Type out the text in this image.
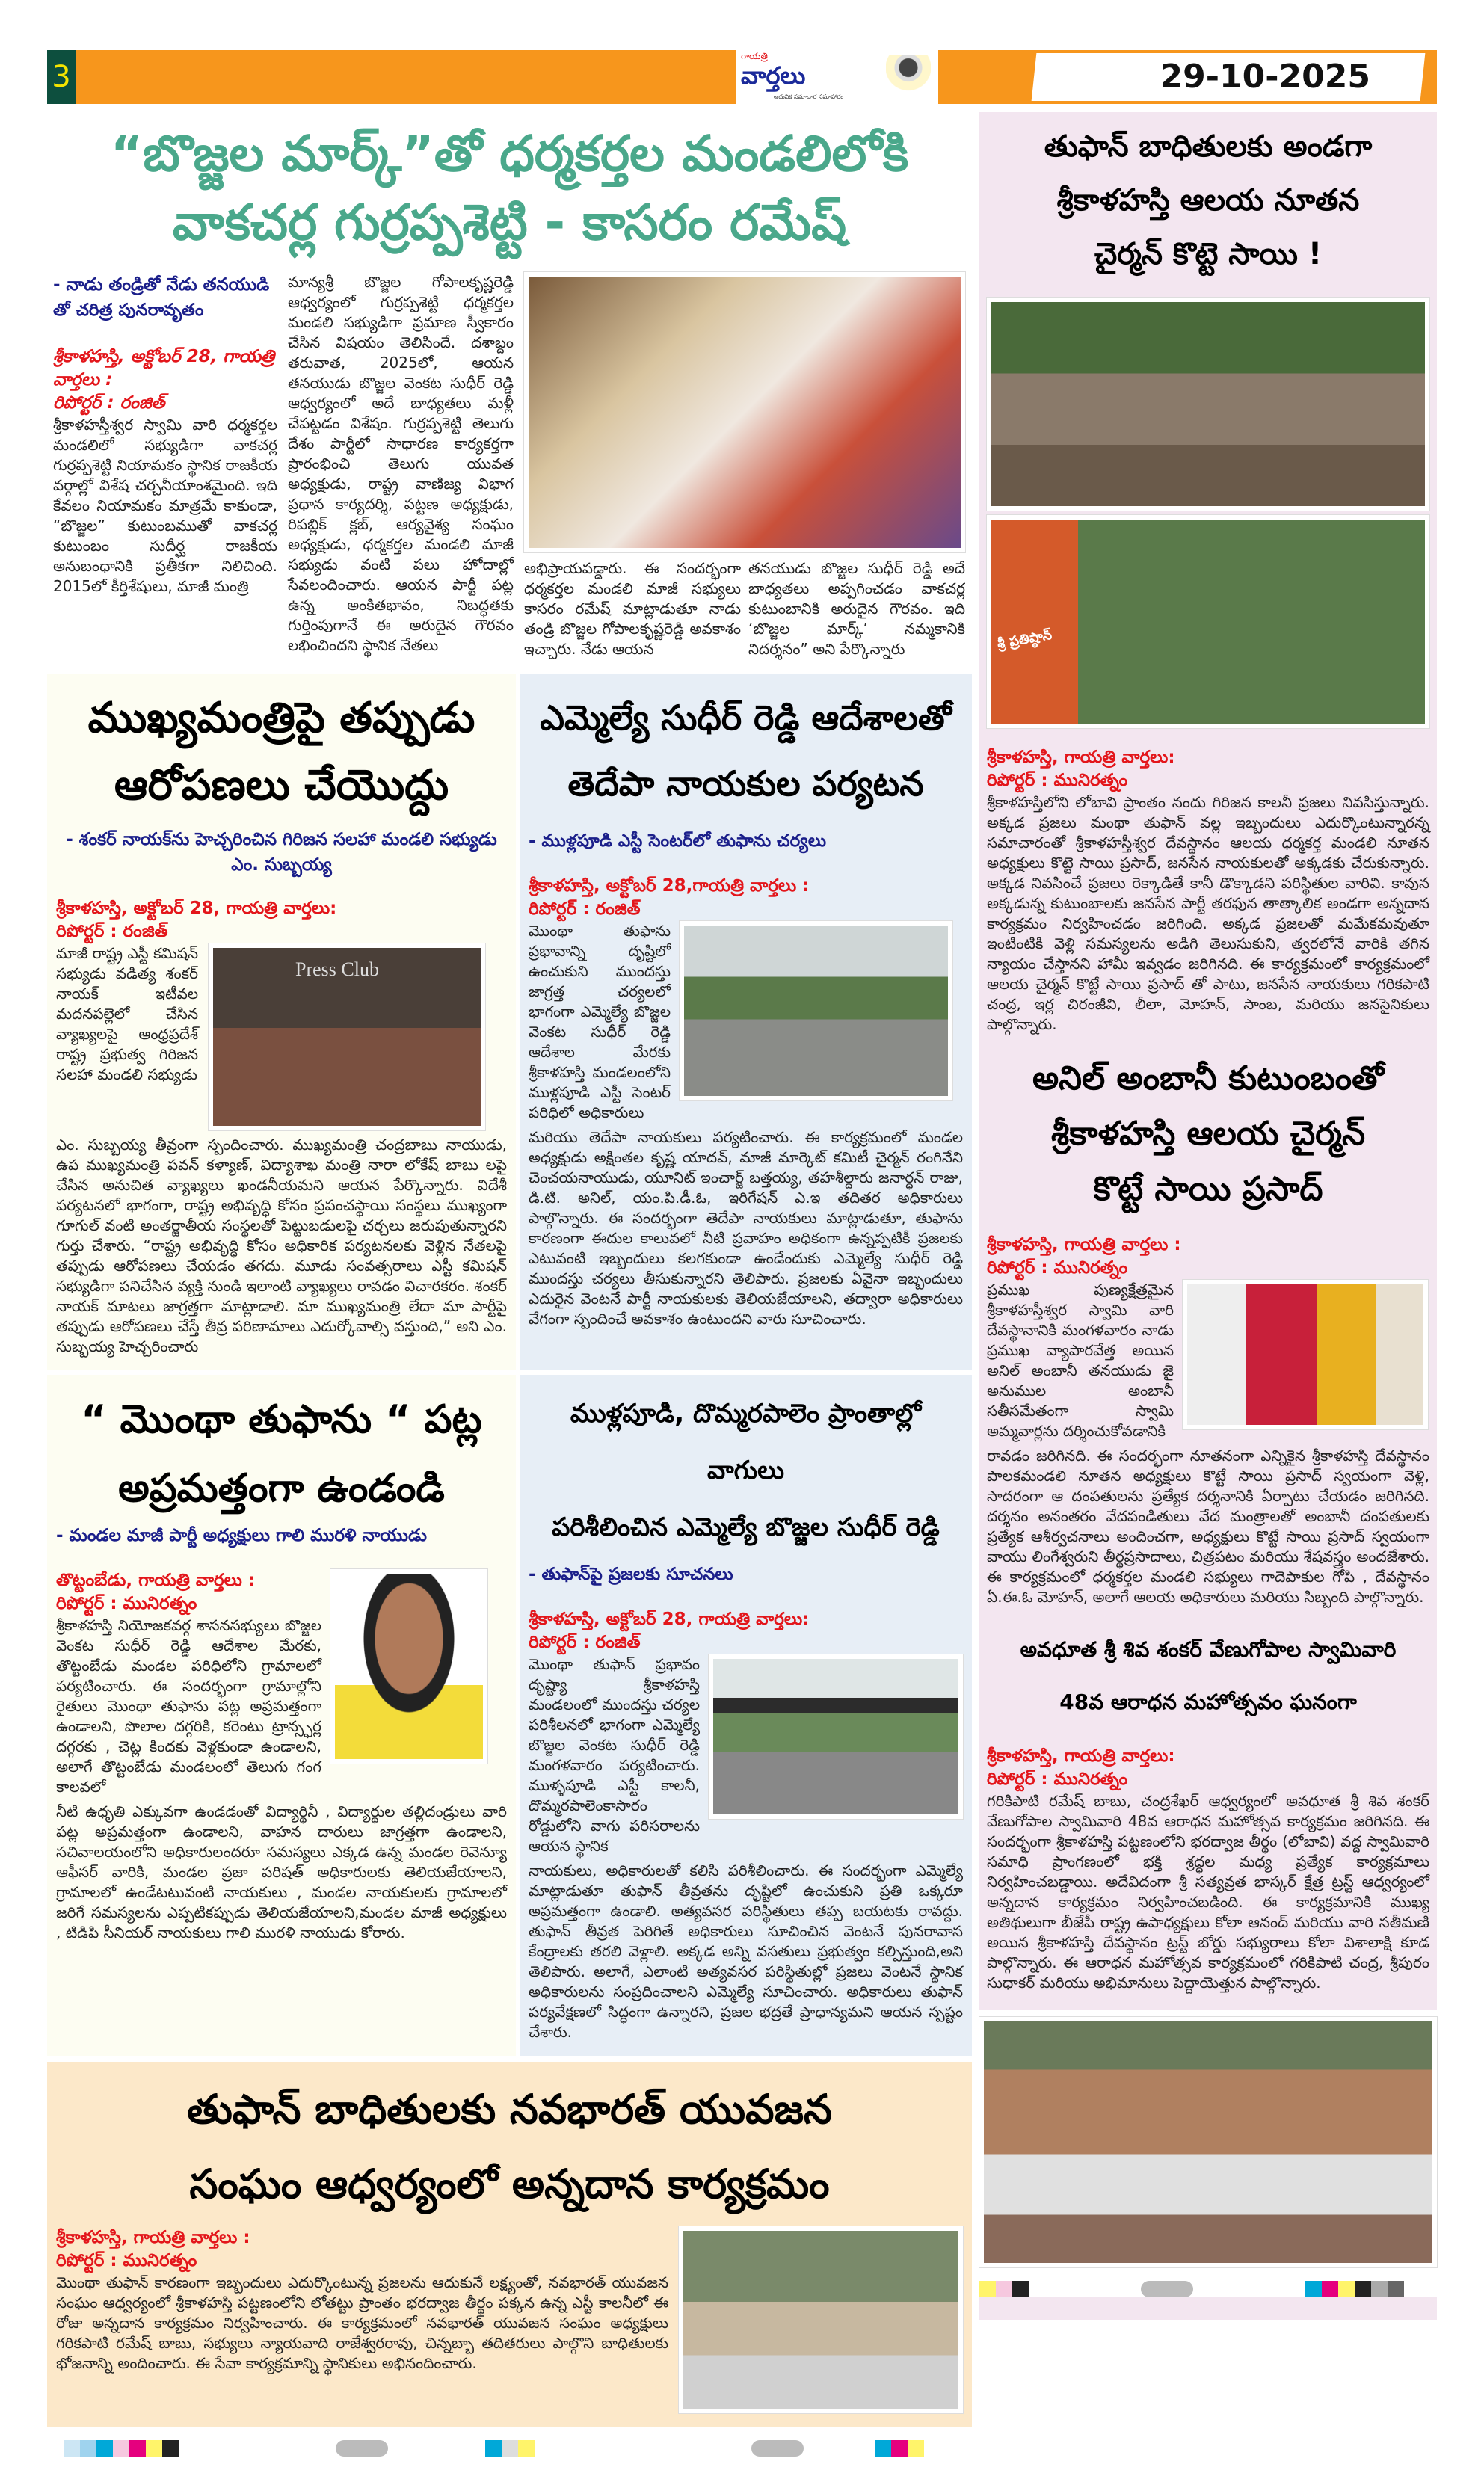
3
గాయత్రి
వార్తలు
ఆధునిక సమాచార సమాహారం
29-10-2025
“బొజ్జల మార్క్”తో ధర్మకర్తల మండలిలోకి
వాకచర్ల గుర్రప్పశెట్టి - కాసరం రమేష్
- నాడు తండ్రితో నేడు తనయుడి తో చరిత్ర పునరావృతం
శ్రీకాళహస్తి, అక్టోబర్ 28, గాయత్రి వార్తలు :
రిపోర్టర్ : రంజిత్

శ్రీకాళహస్తీశ్వర స్వామి వారి ధర్మకర్తల మండలిలో సభ్యుడిగా వాకచర్ల గుర్రప్పశెట్టి నియామకం స్థానిక రాజకీయ వర్గాల్లో విశేష చర్చనీయాంశమైంది. ఇది కేవలం నియామకం మాత్రమే కాకుండా, “బొజ్జల” కుటుంబముతో వాకచర్ల కుటుంబం సుదీర్ఘ రాజకీయ అనుబంధానికి ప్రతీకగా నిలిచింది. 2015లో కీర్తిశేషులు, మాజీ మంత్రి

మాన్యశ్రీ బొజ్జల గోపాలకృష్ణరెడ్డి ఆధ్వర్యంలో గుర్రప్పశెట్టి ధర్మకర్తల మండలి సభ్యుడిగా ప్రమాణ స్వీకారం చేసిన విషయం తెలిసిందే. దశాబ్దం తరువాత, 2025లో, ఆయన తనయుడు బొజ్జల వెంకట సుధీర్ రెడ్డి ఆధ్వర్యంలో అదే బాధ్యతలు మళ్లీ చేపట్టడం విశేషం. గుర్రప్పశెట్టి తెలుగు దేశం పార్టీలో సాధారణ కార్యకర్తగా ప్రారంభించి తెలుగు యువత అధ్యక్షుడు, రాష్ట్ర వాణిజ్య విభాగ ప్రధాన కార్యదర్శి, పట్టణ అధ్యక్షుడు, రిపబ్లిక్ క్లబ్, ఆర్యవైశ్య సంఘం అధ్యక్షుడు, ధర్మకర్తల మండలి మాజీ సభ్యుడు వంటి పలు హోదాల్లో సేవలందించారు. ఆయన పార్టీ పట్ల ఉన్న అంకితభావం, నిబద్ధతకు గుర్తింపుగానే ఈ అరుదైన గౌరవం లభించిందని స్థానిక నేతలు

అభిప్రాయపడ్డారు. ఈ సందర్భంగా ధర్మకర్తల మండలి మాజీ సభ్యులు కాసరం రమేష్ మాట్లాడుతూ నాడు తండ్రి బొజ్జల గోపాలకృష్ణరెడ్డి అవకాశం ఇచ్చారు. నేడు ఆయన

తనయుడు బొజ్జల సుధీర్ రెడ్డి అదే బాధ్యతలు అప్పగించడం వాకచర్ల కుటుంబానికి అరుదైన గౌరవం. ఇది ‘బొజ్జల మార్క్’ నమ్మకానికి నిదర్శనం” అని పేర్కొన్నారు

ముఖ్యమంత్రిపై తప్పుడు
ఆరోపణలు చేయొద్దు
- శంకర్ నాయక్‌ను హెచ్చరించిన గిరిజన సలహా మండలి సభ్యుడు ఎం. సుబ్బయ్య
శ్రీకాళహస్తి, అక్టోబర్ 28, గాయత్రి వార్తలు:
రిపోర్టర్ : రంజిత్

మాజీ రాష్ట్ర ఎస్టీ కమిషన్ సభ్యుడు వడిత్య శంకర్ నాయక్ ఇటీవల మదనపల్లెలో చేసిన వ్యాఖ్యలపై ఆంధ్రప్రదేశ్ రాష్ట్ర ప్రభుత్వ గిరిజన సలహా మండలి సభ్యుడు

Press Club

ఎం. సుబ్బయ్య తీవ్రంగా స్పందించారు. ముఖ్యమంత్రి చంద్రబాబు నాయుడు, ఉప ముఖ్యమంత్రి పవన్ కళ్యాణ్, విద్యాశాఖ మంత్రి నారా లోకేష్ బాబు లపై చేసిన అనుచిత వ్యాఖ్యలు ఖండనీయమని ఆయన పేర్కొన్నారు. విదేశీ పర్యటనలో భాగంగా, రాష్ట్ర అభివృద్ధి కోసం ప్రపంచస్థాయి సంస్థలు ముఖ్యంగా గూగుల్ వంటి అంతర్జాతీయ సంస్థలతో పెట్టుబడులపై చర్చలు జరుపుతున్నారని గుర్తు చేశారు. “రాష్ట్ర అభివృద్ధి కోసం అధికారిక పర్యటనలకు వెళ్లిన నేతలపై తప్పుడు ఆరోపణలు చేయడం తగదు. మూడు సంవత్సరాలు ఎస్టీ కమిషన్ సభ్యుడిగా పనిచేసిన వ్యక్తి నుండి ఇలాంటి వ్యాఖ్యలు రావడం విచారకరం. శంకర్ నాయక్ మాటలు జాగ్రత్తగా మాట్లాడాలి. మా ముఖ్యమంత్రి లేదా మా పార్టీపై తప్పుడు ఆరోపణలు చేస్తే తీవ్ర పరిణామాలు ఎదుర్కోవాల్సి వస్తుంది,” అని ఎం. సుబ్బయ్య హెచ్చరించారు

ఎమ్మెల్యే సుధీర్ రెడ్డి ఆదేశాలతో
తెదేపా నాయకుల పర్యటన
- ముళ్లపూడి ఎస్టీ సెంటర్‌లో తుఫాను చర్యలు
శ్రీకాళహస్తి, అక్టోబర్ 28,గాయత్రి వార్తలు :
రిపోర్టర్ : రంజిత్

మొంథా తుఫాను ప్రభావాన్ని దృష్టిలో ఉంచుకుని ముందస్తు జాగ్రత్త చర్యలలో భాగంగా ఎమ్మెల్యే బొజ్జల వెంకట సుధీర్ రెడ్డి ఆదేశాల మేరకు శ్రీకాళహస్తి మండలంలోని ముళ్లపూడి ఎస్టీ సెంటర్ పరిధిలో అధికారులు

మరియు తెదేపా నాయకులు పర్యటించారు. ఈ కార్యక్రమంలో మండల అధ్యక్షుడు అక్షింతల కృష్ణ యాదవ్, మాజీ మార్కెట్ కమిటీ చైర్మన్ రంగినేని చెంచయనాయుడు, యూనిట్ ఇంచార్జ్ బత్తయ్య, తహశీల్దారు జనార్ధన్ రాజు, డి.టి. అనిల్, యం.పి.డీ.ఓ, ఇరిగేషన్ ఎ.ఇ తదితర అధికారులు పాల్గొన్నారు. ఈ సందర్భంగా తెదేపా నాయకులు మాట్లాడుతూ, తుఫాను కారణంగా ఈదుల కాలువలో నీటి ప్రవాహం అధికంగా ఉన్నప్పటికీ ప్రజలకు ఎటువంటి ఇబ్బందులు కలగకుండా ఉండేందుకు ఎమ్మెల్యే సుధీర్ రెడ్డి ముందస్తు చర్యలు తీసుకున్నారని తెలిపారు. ప్రజలకు ఏవైనా ఇబ్బందులు ఎదురైన వెంటనే పార్టీ నాయకులకు తెలియజేయాలని, తద్వారా అధికారులు వేగంగా స్పందించే అవకాశం ఉంటుందని వారు సూచించారు.

“ మొంథా తుఫాను “ పట్ల
అప్రమత్తంగా ఉండండి
- మండల మాజీ పార్టీ అధ్యక్షులు గాలి మురళి నాయుడు
తొట్టంబేడు, గాయత్రి వార్తలు :
రిపోర్టర్ : మునిరత్నం

శ్రీకాళహస్తి నియోజకవర్గ శాసనసభ్యులు బొజ్జల వెంకట సుధీర్ రెడ్డి ఆదేశాల మేరకు, తొట్టంబేడు మండల పరిధిలోని గ్రామాలలో పర్యటించారు. ఈ సందర్భంగా గ్రామాల్లోని రైతులు మొంథా తుఫాను పట్ల అప్రమత్తంగా ఉండాలని, పొలాల దగ్గరికి, కరెంటు ట్రాన్స్ఫర్ల దగ్గరకు , చెట్ల కిందకు వెళ్లకుండా ఉండాలని, అలాగే తొట్టంబేడు మండలంలో తెలుగు గంగ కాలవలో

నీటి ఉధృతి ఎక్కువగా ఉండడంతో విద్యార్థినీ , విద్యార్థుల తల్లిదండ్రులు వారి పట్ల అప్రమత్తంగా ఉండాలని, వాహన దారులు జాగ్రత్తగా ఉండాలని, సచివాలయంలోని అధికారులందరూ సమస్యలు ఎక్కడ ఉన్న మండల రెవెన్యూ ఆఫీసర్ వారికి, మండల ప్రజా పరిషత్ అధికారులకు తెలియజేయాలని, గ్రామాలలో ఉండేటటువంటి నాయకులు , మండల నాయకులకు గ్రామాలలో జరిగే సమస్యలను ఎప్పటికప్పుడు తెలియజేయాలని,మండల మాజీ అధ్యక్షులు , టిడిపి సీనియర్ నాయకులు గాలి మురళి నాయుడు కోరారు.

ముళ్లపూడి, దొమ్మరపాలెం ప్రాంతాల్లో వాగులు
పరిశీలించిన ఎమ్మెల్యే బొజ్జల సుధీర్ రెడ్డి
- తుఫాన్‌పై ప్రజలకు సూచనలు
శ్రీకాళహస్తి, అక్టోబర్ 28, గాయత్రి వార్తలు:
రిపోర్టర్ : రంజిత్

మొంథా తుఫాన్ ప్రభావం దృష్ట్యా శ్రీకాళహస్తి మండలంలో ముందస్తు చర్యల పరిశీలనలో భాగంగా ఎమ్మెల్యే బొజ్జల వెంకట సుధీర్ రెడ్డి మంగళవారం పర్యటించారు. ముళ్ళపూడి ఎస్టీ కాలనీ, దొమ్మరపాలెంకాసారం రోడ్డులోని వాగు పరిసరాలను ఆయన స్థానిక

నాయకులు, అధికారులతో కలిసి పరిశీలించారు. ఈ సందర్భంగా ఎమ్మెల్యే మాట్లాడుతూ తుఫాన్ తీవ్రతను దృష్టిలో ఉంచుకుని ప్రతి ఒక్కరూ అప్రమత్తంగా ఉండాలి. అత్యవసర పరిస్థితులు తప్ప బయటకు రావద్దు. తుఫాన్ తీవ్రత పెరిగితే అధికారులు సూచించిన వెంటనే పునరావాస కేంద్రాలకు తరలి వెళ్లాలి. అక్కడ అన్ని వసతులు ప్రభుత్వం కల్పిస్తుంది,అని తెలిపారు. అలాగే, ఎలాంటి అత్యవసర పరిస్థితుల్లో ప్రజలు వెంటనే స్థానిక అధికారులను సంప్రదించాలని ఎమ్మెల్యే సూచించారు. అధికారులు తుఫాన్ పర్యవేక్షణలో సిద్ధంగా ఉన్నారని, ప్రజల భద్రతే ప్రాధాన్యమని ఆయన స్పష్టం చేశారు.

తుఫాన్ బాధితులకు నవభారత్ యువజన
సంఘం ఆధ్వర్యంలో అన్నదాన కార్యక్రమం
శ్రీకాళహస్తి, గాయత్రి వార్తలు :
రిపోర్టర్ : మునిరత్నం

మొంథా తుఫాన్ కారణంగా ఇబ్బందులు ఎదుర్కొంటున్న ప్రజలను ఆదుకునే లక్ష్యంతో, నవభారత్ యువజన సంఘం ఆధ్వర్యంలో శ్రీకాళహస్తి పట్టణంలోని లోతట్టు ప్రాంతం భరద్వాజ తీర్థం పక్కన ఉన్న ఎస్టీ కాలనీలో ఈ రోజు అన్నదాన కార్యక్రమం నిర్వహించారు. ఈ కార్యక్రమంలో నవభారత్ యువజన సంఘం అధ్యక్షులు గరికపాటి రమేష్ బాబు, సభ్యులు న్యాయవాది రాజేశ్వరరావు, చిన్నబ్బా తదితరులు పాల్గొని బాధితులకు భోజనాన్ని అందించారు. ఈ సేవా కార్యక్రమాన్ని స్థానికులు అభినందించారు.

తుఫాన్ బాధితులకు అండగా
శ్రీకాళహస్తి ఆలయ నూతన
చైర్మన్ కొట్టె సాయి !
శ్రీ ప్రతిష్ఠాన్
శ్రీకాళహస్తి, గాయత్రి వార్తలు:
రిపోర్టర్ : మునిరత్నం

శ్రీకాళహస్తిలోని లోబావి ప్రాంతం నందు గిరిజన కాలనీ ప్రజలు నివసిస్తున్నారు. అక్కడ ప్రజలు మంథా తుఫాన్ వల్ల ఇబ్బందులు ఎదుర్కొంటున్నారన్న సమాచారంతో శ్రీకాళహస్తీశ్వర దేవస్థానం ఆలయ ధర్మకర్త మండలి నూతన అధ్యక్షులు కొట్టె సాయి ప్రసాద్, జనసేన నాయకులతో అక్కడకు చేరుకున్నారు. అక్కడ నివసించే ప్రజలు రెక్కాడితే కానీ డొక్కాడని పరిస్థితుల వారివి. కావున అక్కడున్న కుటుంబాలకు జనసేన పార్టీ తరఫున తాత్కాలిక అండగా అన్నదాన కార్యక్రమం నిర్వహించడం జరిగింది. అక్కడ ప్రజలతో మమేకమవుతూ ఇంటింటికి వెళ్లి సమస్యలను అడిగి తెలుసుకుని, త్వరలోనే వారికి తగిన న్యాయం చేస్తానని హామీ ఇవ్వడం జరిగినది. ఈ కార్యక్రమంలో కార్యక్రమంలో ఆలయ చైర్మన్ కొట్టే సాయి ప్రసాద్ తో పాటు, జనసేన నాయకులు గరికపాటి చంద్ర, ఇర్ల చిరంజీవి, లీలా, మోహన్, సాంబ, మరియు జనసైనికులు పాల్గొన్నారు.

అనిల్ అంబానీ కుటుంబంతో
శ్రీకాళహస్తి ఆలయ చైర్మన్
కొట్టే సాయి ప్రసాద్
శ్రీకాళహస్తి, గాయత్రి వార్తలు :
రిపోర్టర్ : మునిరత్నం

ప్రముఖ పుణ్యక్షేత్రమైన శ్రీకాళహస్తీశ్వర స్వామి వారి దేవస్థానానికి మంగళవారం నాడు ప్రముఖ వ్యాపారవేత్త అయిన అనిల్ అంబానీ తనయుడు జై అనుముల అంబానీ సతీసమేతంగా స్వామి అమ్మవార్లను దర్శించుకోవడానికి

రావడం జరిగినది. ఈ సందర్భంగా నూతనంగా ఎన్నికైన శ్రీకాళహస్తి దేవస్థానం పాలకమండలి నూతన అధ్యక్షులు కొట్టే సాయి ప్రసాద్ స్వయంగా వెళ్లి, సాదరంగా ఆ దంపతులను ప్రత్యేక దర్శనానికి ఏర్పాటు చేయడం జరిగినది. దర్శనం అనంతరం వేదపండితులు వేద మంత్రాలతో అంబానీ దంపతులకు ప్రత్యేక ఆశీర్వచనాలు అందించగా, అధ్యక్షులు కొట్టే సాయి ప్రసాద్ స్వయంగా వాయు లింగేశ్వరుని తీర్థప్రసాదాలు, చిత్రపటం మరియు శేషవస్త్రం అందజేశారు. ఈ కార్యక్రమంలో ధర్మకర్తల మండలి సభ్యులు గాదెపాకుల గోపి , దేవస్థానం ఏ.ఈ.ఓ మోహన్, అలాగే ఆలయ అధికారులు మరియు సిబ్బంది పాల్గొన్నారు.

అవధూత శ్రీ శివ శంకర్ వేణుగోపాల స్వామివారి
48వ ఆరాధన మహోత్సవం ఘనంగా
శ్రీకాళహస్తి, గాయత్రి వార్తలు:
రిపోర్టర్ : మునిరత్నం

గరికిపాటి రమేష్ బాబు, చంద్రశేఖర్ ఆధ్వర్యంలో అవధూత శ్రీ శివ శంకర్ వేణుగోపాల స్వామివారి 48వ ఆరాధన మహోత్సవ కార్యక్రమం జరిగినది. ఈ సందర్భంగా శ్రీకాళహస్తి పట్టణంలోని భరద్వాజ తీర్థం (లోబావి) వద్ద స్వామివారి సమాధి ప్రాంగణంలో భక్తి శ్రద్ధల మధ్య ప్రత్యేక కార్యక్రమాలు నిర్వహించబడ్డాయి. అదేవిదంగా శ్రీ సత్యవ్రత భాస్కర్ క్షేత్ర ట్రస్ట్ ఆధ్వర్యంలో అన్నదాన కార్యక్రమం నిర్వహించబడింది. ఈ కార్యక్రమానికి ముఖ్య అతిథులుగా బీజేపీ రాష్ట్ర ఉపాధ్యక్షులు కోలా ఆనంద్ మరియు వారి సతీమణి అయిన శ్రీకాళహస్తి దేవస్థానం ట్రస్ట్ బోర్డు సభ్యురాలు కోలా విశాలాక్షి కూడ పాల్గొన్నారు. ఈ ఆరాధన మహోత్సవ కార్యక్రమంలో గరికిపాటి చంద్ర, శ్రీపురం సుధాకర్ మరియు అభిమానులు పెద్దాయెత్తున పాల్గొన్నారు.
